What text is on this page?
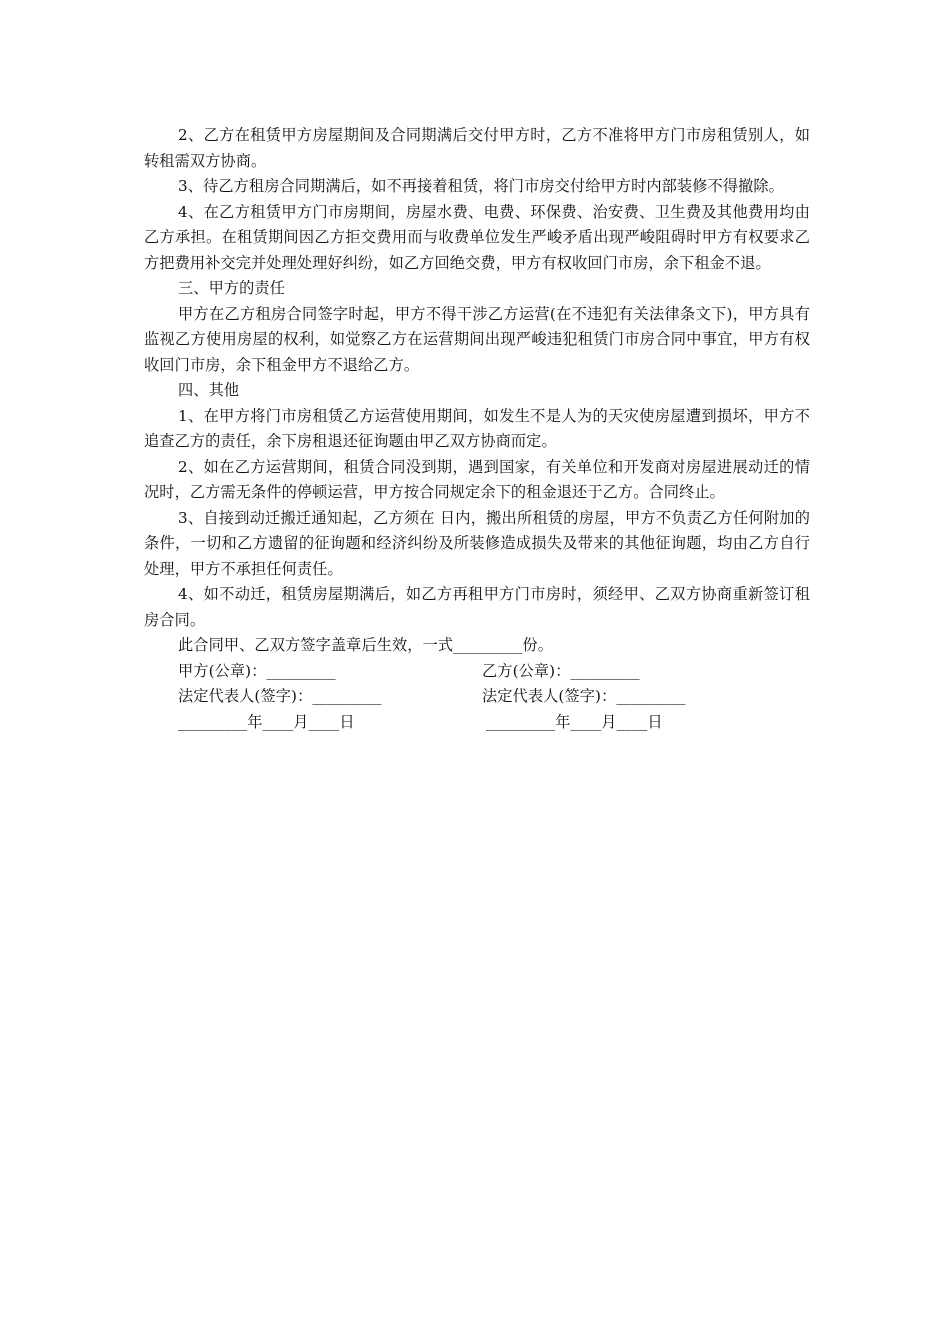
2、乙方在租赁甲方房屋期间及合同期满后交付甲方时，乙方不准将甲方门市房租赁别人，如转租需双方协商。

3、待乙方租房合同期满后，如不再接着租赁，将门市房交付给甲方时内部装修不得撤除。

4、在乙方租赁甲方门市房期间，房屋水费、电费、环保费、治安费、卫生费及其他费用均由乙方承担。在租赁期间因乙方拒交费用而与收费单位发生严峻矛盾出现严峻阻碍时甲方有权要求乙方把费用补交完并处理处理好纠纷，如乙方回绝交费，甲方有权收回门市房，余下租金不退。

三、甲方的责任

甲方在乙方租房合同签字时起，甲方不得干涉乙方运营(在不违犯有关法律条文下)，甲方具有监视乙方使用房屋的权利，如觉察乙方在运营期间出现严峻违犯租赁门市房合同中事宜，甲方有权收回门市房，余下租金甲方不退给乙方。

四、其他

1、在甲方将门市房租赁乙方运营使用期间，如发生不是人为的天灾使房屋遭到损坏，甲方不追查乙方的责任，余下房租退还征询题由甲乙双方协商而定。

2、如在乙方运营期间，租赁合同没到期，遇到国家，有关单位和开发商对房屋进展动迁的情况时，乙方需无条件的停顿运营，甲方按合同规定余下的租金退还于乙方。合同终止。

3、自接到动迁搬迁通知起，乙方须在 日内，搬出所租赁的房屋，甲方不负责乙方任何附加的条件，一切和乙方遗留的征询题和经济纠纷及所装修造成损失及带来的其他征询题，均由乙方自行处理，甲方不承担任何责任。

4、如不动迁，租赁房屋期满后，如乙方再租甲方门市房时，须经甲、乙双方协商重新签订租房合同。

此合同甲、乙双方签字盖章后生效，一式_________份。

甲方(公章)：_________	乙方(公章)：_________
法定代表人(签字)：_________	法定代表人(签字)：_________
_________年____月____日	_________年____月____日
